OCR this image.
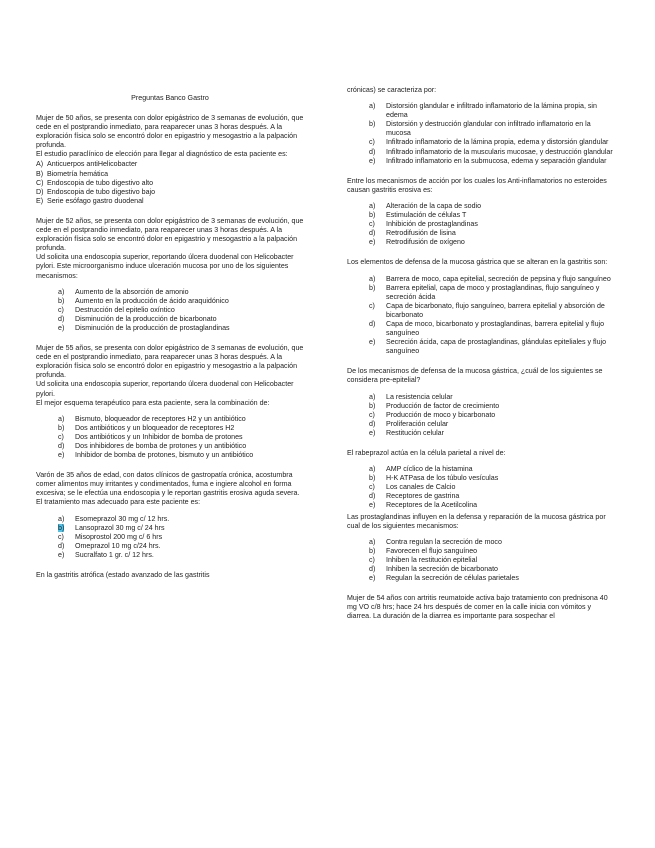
Preguntas Banco Gastro

Mujer de 50 años, se presenta con dolor epigástrico de 3 semanas de evolución, que cede en el postprandio inmediato, para reaparecer unas 3 horas después. A la exploración física solo se encontró dolor en epigastrio y mesogastrio a la palpación profunda.

El estudio paraclínico de elección para llegar al diagnóstico de esta paciente es:

A) Anticuerpos antiHelicobacter
B) Biometría hemática
C) Endoscopia de tubo digestivo alto
D) Endoscopia de tubo digestivo bajo
E) Serie esófago gastro duodenal

Mujer de 52 años, se presenta con dolor epigástrico de 3 semanas de evolución, que cede en el postprandio inmediato, para reaparecer unas 3 horas después. A la exploración física solo se encontró dolor en epigastrio y mesogastrio a la palpación profunda.

Ud solicita una endoscopia superior, reportando úlcera duodenal con Helicobacter pylori. Este microorganismo induce ulceración mucosa por uno de los siguientes mecanismos:

a)	Aumento de la absorción de amonio
b)	Aumento en la producción de ácido araquidónico
c)	Destrucción del epitelio oxíntico
d)	Disminución de la producción de bicarbonato
e)	Disminución de la producción de prostaglandinas

Mujer de 55 años, se presenta con dolor epigástrico de 3 semanas de evolución, que cede en el postprandio inmediato, para reaparecer unas 3 horas después. A la exploración física solo se encontró dolor en epigastrio y mesogastrio a la palpación profunda.

Ud solicita una endoscopia superior, reportando úlcera duodenal con Helicobacter pylori.

El mejor esquema terapéutico para esta paciente, sera la combinación de:

a)	Bismuto, bloqueador de receptores H2 y un antibiótico
b)	Dos antibióticos y un bloqueador de receptores H2
c)	Dos antibióticos y un Inhibidor de bomba de protones
d)	Dos inhibidores de bomba de protones y un antibiótico
e)	Inhibidor de bomba de protones, bismuto y un antibiótico

Varón de 35 años de edad, con datos clínicos de gastropatía crónica, acostumbra comer alimentos muy irritantes y condimentados, fuma e ingiere alcohol en forma excesiva; se le efectúa una endoscopia y le reportan gastritis erosiva aguda severa.

El tratamiento mas adecuado para este paciente es:

a)	Esomeprazol 30 mg c/ 12 hrs.
b)	Lansoprazol 30 mg c/ 24 hrs
c)	Misoprostol 200 mg c/ 6 hrs
d)	Omeprazol 10 mg c/24 hrs.
e)	Sucralfato 1 gr. c/ 12 hrs.

En la gastritis atrófica (estado avanzado de las gastritis

crónicas) se caracteriza por:

a)	Distorsión glandular e infiltrado inflamatorio de la lámina propia, sin edema
b)	Distorsión y destrucción glandular con infiltrado inflamatorio en la mucosa
c)	Infiltrado inflamatorio de la lámina propia, edema y distorsión glandular
d)	Infiltrado inflamatorio de la muscularis mucosae, y destrucción glandular
e)	Infiltrado inflamatorio en la submucosa, edema y separación glandular

Entre los mecanismos de acción por los cuales los Anti-inflamatorios no esteroides causan gastritis erosiva es:

a)	Alteración de la capa de sodio
b)	Estimulación de células T
c)	Inhibición de prostaglandinas
d)	Retrodifusión de lisina
e)	Retrodifusión de oxígeno

Los elementos de defensa de la mucosa gástrica que se alteran en la gastritis son:

a)	Barrera de moco, capa epitelial, secreción de pepsina y flujo sanguíneo
b)	Barrera epitelial, capa de moco y prostaglandinas, flujo sanguíneo y secreción ácida
c)	Capa de bicarbonato, flujo sanguíneo, barrera epitelial y absorción de bicarbonato
d)	Capa de moco, bicarbonato y prostaglandinas, barrera epitelial y flujo sanguíneo
e)	Secreción ácida, capa de prostaglandinas, glándulas epiteliales y flujo sanguíneo

De los mecanismos de defensa de la mucosa gástrica, ¿cuál de los siguientes se considera pre-epitelial?

a)	La resistencia celular
b)	Producción de factor de crecimiento
c)	Producción de moco y bicarbonato
d)	Proliferación celular
e)	Restitución celular

El rabeprazol actúa en la célula parietal a nivel de:

a)	AMP cíclico de la histamina
b)	H-K ATPasa de los túbulo vesículas
c)	Los canales de Calcio
d)	Receptores de gastrina
e)	Receptores de la Acetilcolina

Las prostaglandinas influyen en la defensa y reparación de la mucosa gástrica por cual de los siguientes mecanismos:

a)	Contra regulan la secreción de moco
b)	Favorecen el flujo sanguíneo
c)	Inhiben la restitución epitelial
d)	Inhiben la secreción de bicarbonato
e)	Regulan la secreción de células parietales

Mujer de 54 años con artritis reumatoide activa bajo tratamiento con prednisona 40 mg VO c/8 hrs; hace 24 hrs después de comer en la calle inicia con vómitos y diarrea. La duración de la diarrea es importante para sospechar el
